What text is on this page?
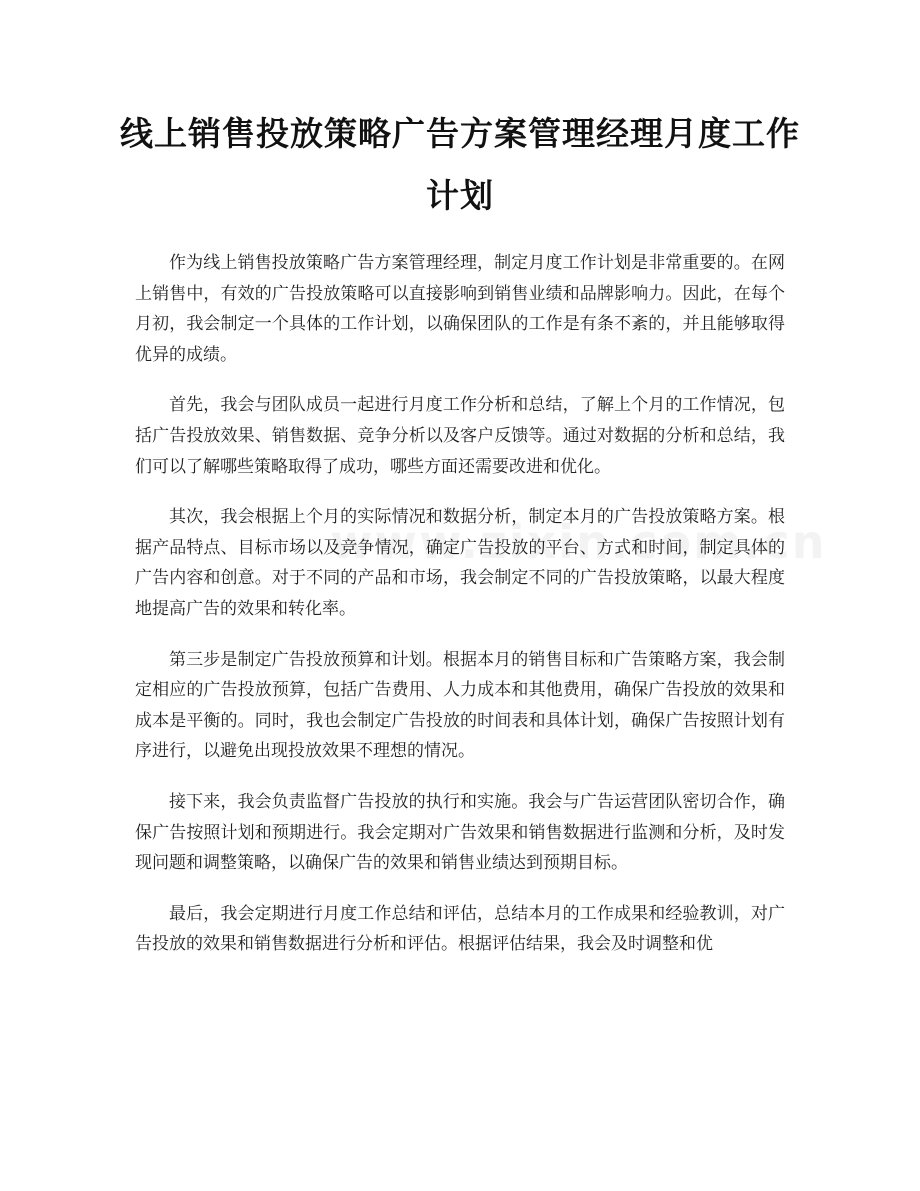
线上销售投放策略广告方案管理经理月度工作计划

作为线上销售投放策略广告方案管理经理，制定月度工作计划是非常重要的。在网上销售中，有效的广告投放策略可以直接影响到销售业绩和品牌影响力。因此，在每个月初，我会制定一个具体的工作计划，以确保团队的工作是有条不紊的，并且能够取得优异的成绩。

首先，我会与团队成员一起进行月度工作分析和总结，了解上个月的工作情况，包括广告投放效果、销售数据、竞争分析以及客户反馈等。通过对数据的分析和总结，我们可以了解哪些策略取得了成功，哪些方面还需要改进和优化。

其次，我会根据上个月的实际情况和数据分析，制定本月的广告投放策略方案。根据产品特点、目标市场以及竞争情况，确定广告投放的平台、方式和时间，制定具体的广告内容和创意。对于不同的产品和市场，我会制定不同的广告投放策略，以最大程度地提高广告的效果和转化率。

第三步是制定广告投放预算和计划。根据本月的销售目标和广告策略方案，我会制定相应的广告投放预算，包括广告费用、人力成本和其他费用，确保广告投放的效果和成本是平衡的。同时，我也会制定广告投放的时间表和具体计划，确保广告按照计划有序进行，以避免出现投放效果不理想的情况。

接下来，我会负责监督广告投放的执行和实施。我会与广告运营团队密切合作，确保广告按照计划和预期进行。我会定期对广告效果和销售数据进行监测和分析，及时发现问题和调整策略，以确保广告的效果和销售业绩达到预期目标。

最后，我会定期进行月度工作总结和评估，总结本月的工作成果和经验教训，对广告投放的效果和销售数据进行分析和评估。根据评估结果，我会及时调整和优
